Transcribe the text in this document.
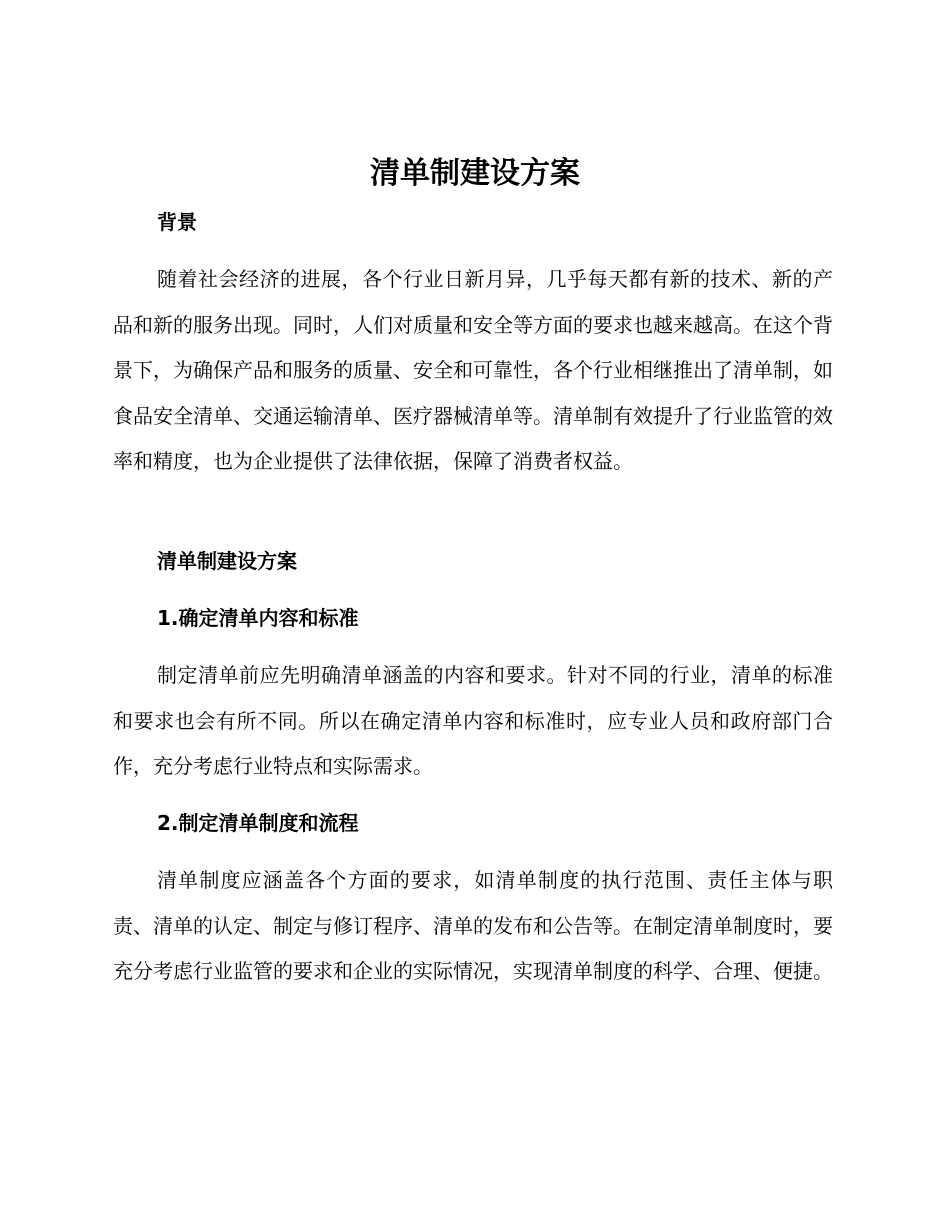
清单制建设方案
背景

随着社会经济的进展，各个行业日新月异，几乎每天都有新的技术、新的产品和新的服务出现。同时，人们对质量和安全等方面的要求也越来越高。在这个背景下，为确保产品和服务的质量、安全和可靠性，各个行业相继推出了清单制，如食品安全清单、交通运输清单、医疗器械清单等。清单制有效提升了行业监管的效率和精度，也为企业提供了法律依据，保障了消费者权益。

清单制建设方案
1.确定清单内容和标准

制定清单前应先明确清单涵盖的内容和要求。针对不同的行业，清单的标准和要求也会有所不同。所以在确定清单内容和标准时，应专业人员和政府部门合作，充分考虑行业特点和实际需求。

2.制定清单制度和流程

清单制度应涵盖各个方面的要求，如清单制度的执行范围、责任主体与职责、清单的认定、制定与修订程序、清单的发布和公告等。在制定清单制度时，要充分考虑行业监管的要求和企业的实际情况，实现清单制度的科学、合理、便捷。
